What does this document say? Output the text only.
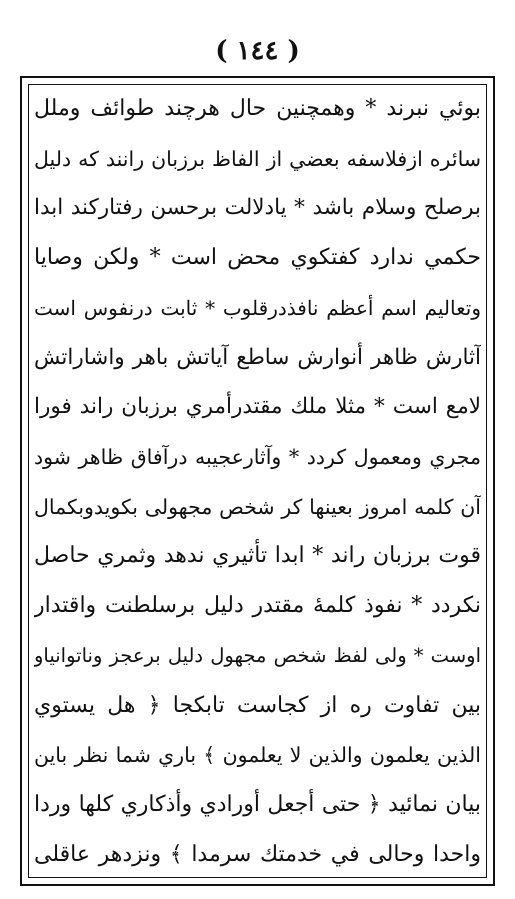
( ١٤٤ )
بوئي نبرند * وهمچنين حال هرچند طوائف وملل
سائره ازفلاسفه بعضي از الفاظ برزبان رانند كه دليل
برصلح وسلام باشد * يادلالت برحسن رفتاركند ابدا
حكمي ندارد كفتكوي محض است * ولكن وصايا
وتعاليم اسم أعظم نافذدرقلوب * ثابت درنفوس است
آثارش ظاهر أنوارش ساطع آياتش باهر واشاراتش
لامع است * مثلا ملك مقتدرأمري برزبان راند فورا
مجري ومعمول كردد * وآثارعجيبه درآفاق ظاهر شود
آن كلمه امروز بعينها كر شخص مجهولى بكويدوبكمال
قوت برزبان راند * ابدا تأثيري ندهد وثمري حاصل
نكردد * نفوذ كلمهٔ مقتدر دليل برسلطنت واقتدار
اوست * ولى لفظ شخص مجهول دليل برعجز وناتوانياو
بين تفاوت ره از كجاست تابكجا ﴿ هل يستوي
الذين يعلمون والذين لا يعلمون ﴾ باري شما نظر باين
بيان نمائيد ﴿ حتى أجعل أورادي وأذكاري كلها وردا
واحدا وحالى في خدمتك سرمدا ﴾ ونزدهر عاقلى
